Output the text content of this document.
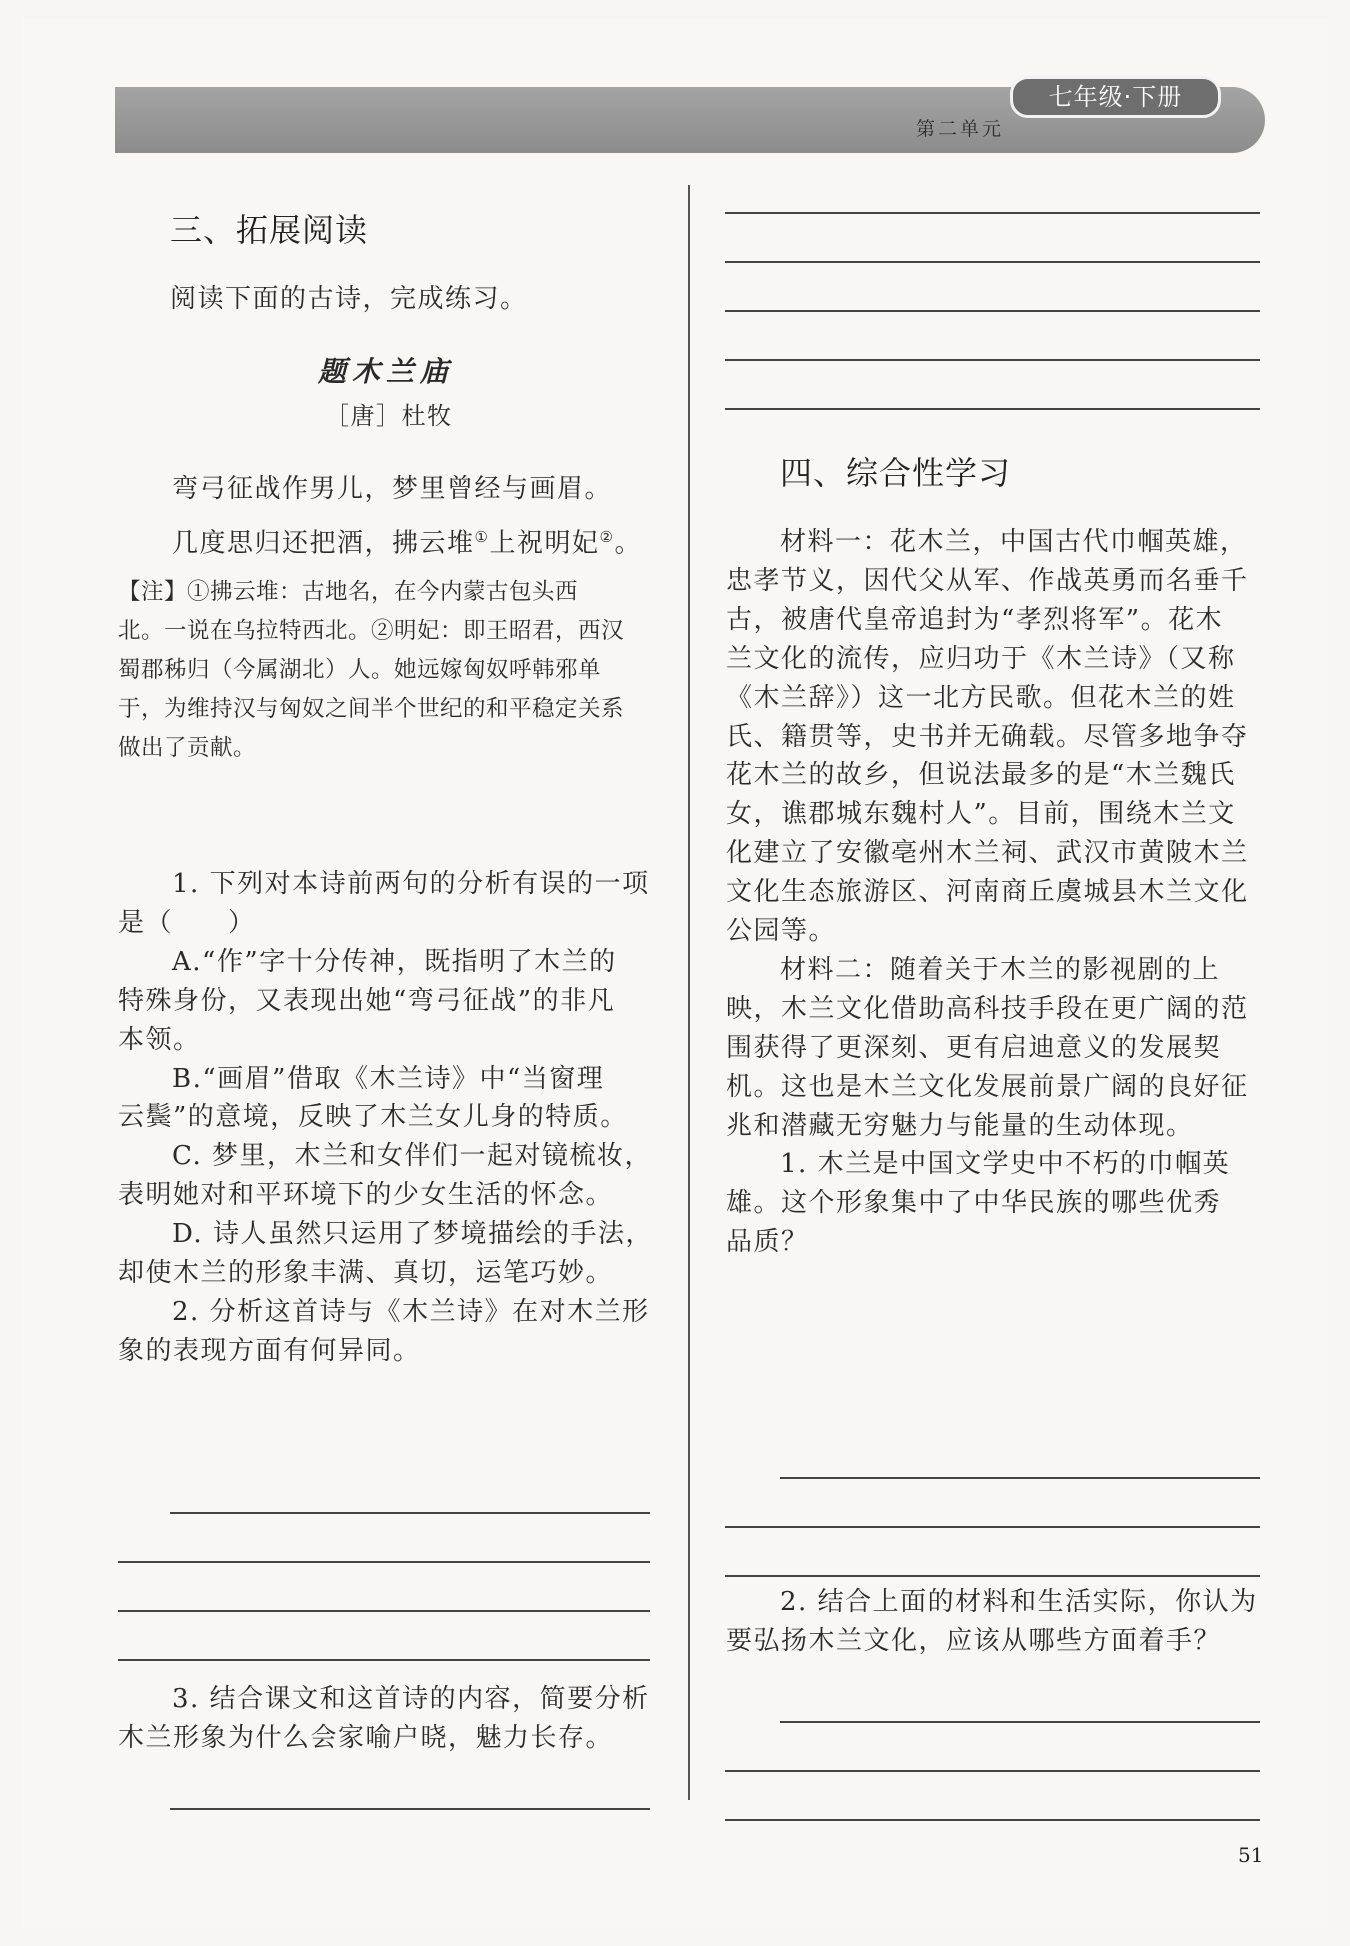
七年级·下册
第二单元
三、拓展阅读
阅读下面的古诗，完成练习。
题木兰庙
［唐］杜牧
弯弓征战作男儿，梦里曾经与画眉。
几度思归还把酒，拂云堆①上祝明妃②。
【注】①拂云堆：古地名，在今内蒙古包头西
北。一说在乌拉特西北。②明妃：即王昭君，西汉
蜀郡秭归（今属湖北）人。她远嫁匈奴呼韩邪单
于，为维持汉与匈奴之间半个世纪的和平稳定关系
做出了贡献。
1. 下列对本诗前两句的分析有误的一项
是（　　）
A.“作”字十分传神，既指明了木兰的
特殊身份，又表现出她“弯弓征战”的非凡
本领。
B.“画眉”借取《木兰诗》中“当窗理
云鬓”的意境，反映了木兰女儿身的特质。
C. 梦里，木兰和女伴们一起对镜梳妆，
表明她对和平环境下的少女生活的怀念。
D. 诗人虽然只运用了梦境描绘的手法，
却使木兰的形象丰满、真切，运笔巧妙。
2. 分析这首诗与《木兰诗》在对木兰形
象的表现方面有何异同。
3. 结合课文和这首诗的内容，简要分析
木兰形象为什么会家喻户晓，魅力长存。
四、综合性学习
材料一：花木兰，中国古代巾帼英雄，
忠孝节义，因代父从军、作战英勇而名垂千
古，被唐代皇帝追封为“孝烈将军”。花木
兰文化的流传，应归功于《木兰诗》（又称
《木兰辞》）这一北方民歌。但花木兰的姓
氏、籍贯等，史书并无确载。尽管多地争夺
花木兰的故乡，但说法最多的是“木兰魏氏
女，谯郡城东魏村人”。目前，围绕木兰文
化建立了安徽亳州木兰祠、武汉市黄陂木兰
文化生态旅游区、河南商丘虞城县木兰文化
公园等。
材料二：随着关于木兰的影视剧的上
映，木兰文化借助高科技手段在更广阔的范
围获得了更深刻、更有启迪意义的发展契
机。这也是木兰文化发展前景广阔的良好征
兆和潜藏无穷魅力与能量的生动体现。
1. 木兰是中国文学史中不朽的巾帼英
雄。这个形象集中了中华民族的哪些优秀
品质？
2. 结合上面的材料和生活实际，你认为
要弘扬木兰文化，应该从哪些方面着手？
51
